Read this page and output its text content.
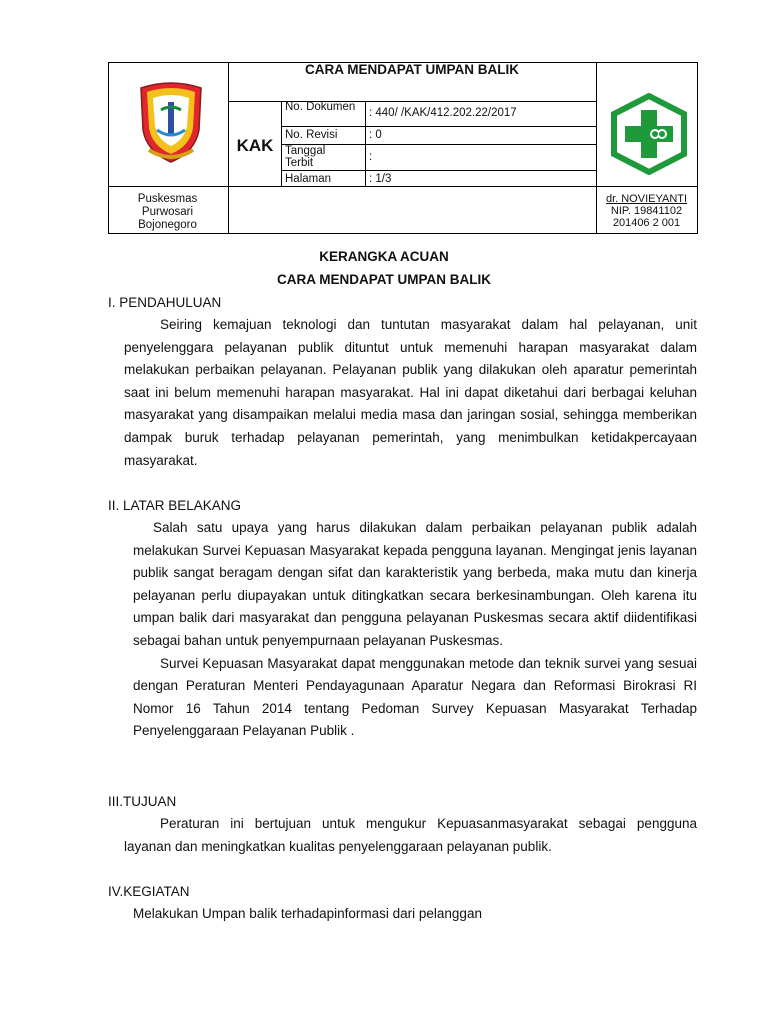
CARA MENDAPAT UMPAN BALIK
KAK
No. Dokumen	: 440/ /KAK/412.202.22/2017
No. Revisi	: 0
Tanggal Terbit	:
Halaman	: 1/3
Puskesmas
Purwosari
Bojonegoro
dr. NOVIEYANTI
NIP. 19841102
201406 2 001
KERANGKA ACUAN
CARA MENDAPAT UMPAN BALIK
I. PENDAHULUAN

Seiring kemajuan teknologi dan tuntutan masyarakat dalam hal pelayanan, unit penyelenggara pelayanan publik dituntut untuk memenuhi harapan masyarakat dalam melakukan perbaikan pelayanan. Pelayanan publik yang dilakukan oleh aparatur pemerintah saat ini belum memenuhi harapan masyarakat. Hal ini dapat diketahui dari berbagai keluhan masyarakat yang disampaikan melalui media masa dan jaringan sosial, sehingga memberikan dampak buruk terhadap pelayanan pemerintah, yang menimbulkan ketidakpercayaan masyarakat.

II. LATAR BELAKANG

Salah satu upaya yang harus dilakukan dalam perbaikan pelayanan publik adalah melakukan Survei Kepuasan Masyarakat kepada pengguna layanan. Mengingat jenis layanan publik sangat beragam dengan sifat dan karakteristik yang berbeda, maka mutu dan kinerja pelayanan perlu diupayakan untuk ditingkatkan secara berkesinambungan. Oleh karena itu umpan balik dari masyarakat dan pengguna pelayanan Puskesmas secara aktif diidentifikasi sebagai bahan untuk penyempurnaan pelayanan Puskesmas.

Survei Kepuasan Masyarakat dapat menggunakan metode dan teknik survei yang sesuai dengan Peraturan Menteri Pendayagunaan Aparatur Negara dan Reformasi Birokrasi RI Nomor 16 Tahun 2014 tentang Pedoman Survey Kepuasan Masyarakat Terhadap Penyelenggaraan Pelayanan Publik .

III.TUJUAN

Peraturan ini bertujuan untuk mengukur Kepuasanmasyarakat sebagai pengguna layanan dan meningkatkan kualitas penyelenggaraan pelayanan publik.

IV.KEGIATAN

Melakukan Umpan balik terhadapinformasi dari pelanggan
